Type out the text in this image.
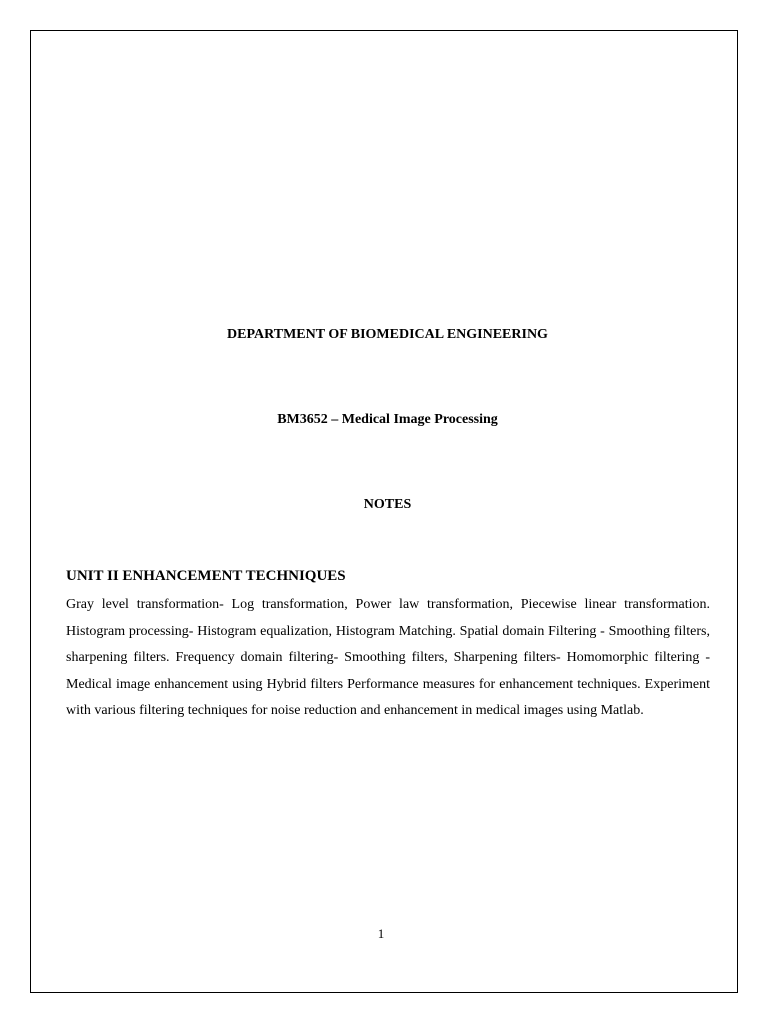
DEPARTMENT OF BIOMEDICAL ENGINEERING
BM3652 – Medical Image Processing
NOTES
UNIT II ENHANCEMENT TECHNIQUES

Gray level transformation- Log transformation, Power law transformation, Piecewise linear transformation. Histogram processing- Histogram equalization, Histogram Matching. Spatial domain Filtering - Smoothing filters, sharpening filters. Frequency domain filtering- Smoothing filters, Sharpening filters- Homomorphic filtering -Medical image enhancement using Hybrid filters Performance measures for enhancement techniques. Experiment with various filtering techniques for noise reduction and enhancement in medical images using Matlab.

1
